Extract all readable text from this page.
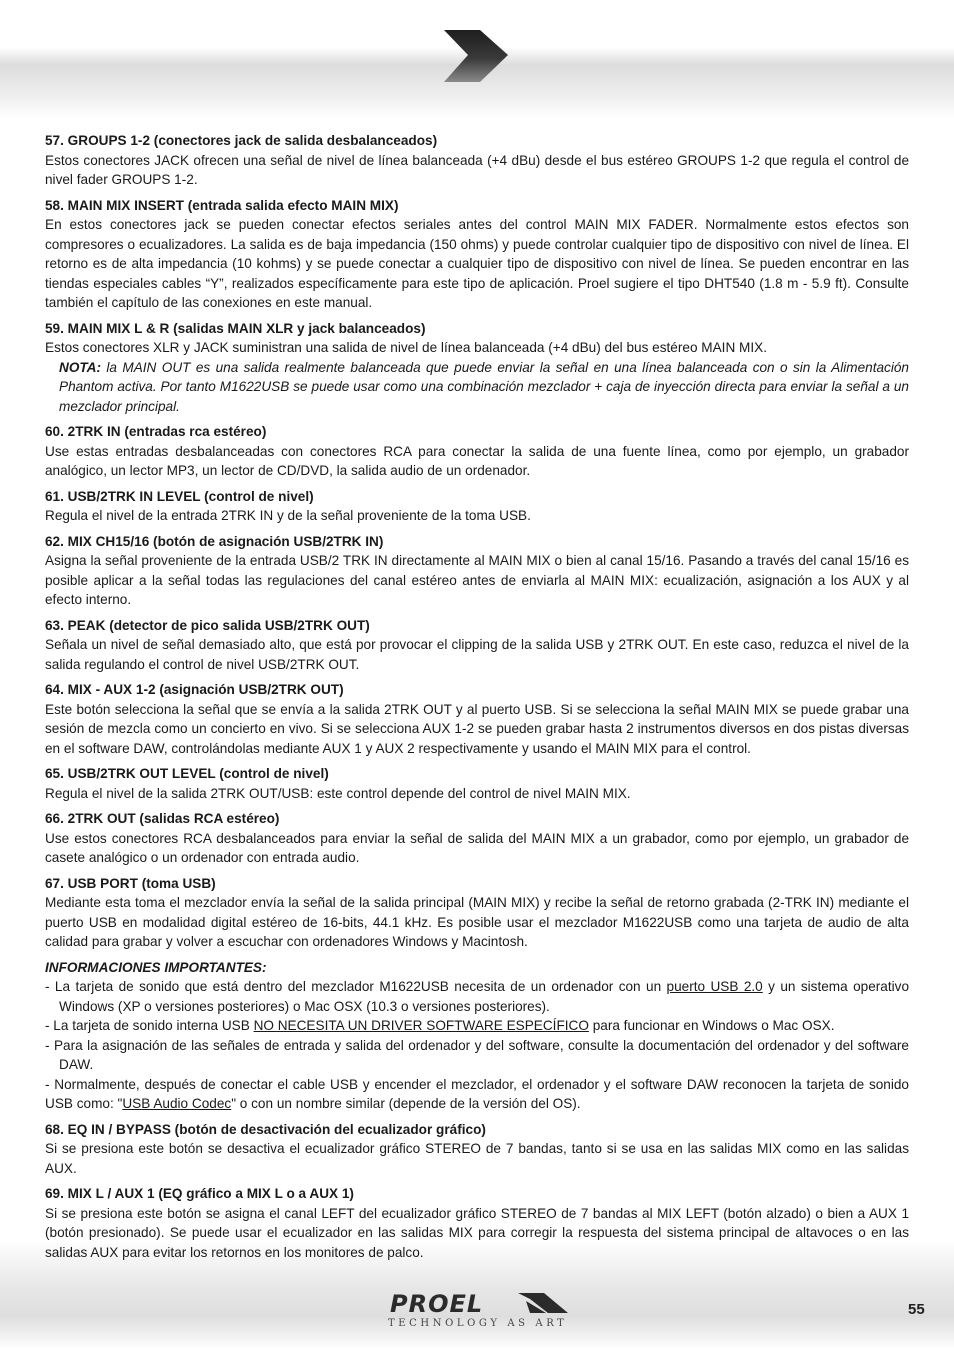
57. GROUPS 1-2 (conectores jack de salida desbalanceados)
Estos conectores JACK ofrecen una señal de nivel de línea balanceada (+4 dBu) desde el bus estéreo GROUPS 1-2 que regula el control de nivel fader GROUPS 1-2.
58. MAIN MIX INSERT (entrada salida efecto MAIN MIX)
En estos conectores jack se pueden conectar efectos seriales antes del control MAIN MIX FADER. Normalmente estos efectos son compresores o ecualizadores. La salida es de baja impedancia (150 ohms) y puede controlar cualquier tipo de dispositivo con nivel de línea. El retorno es de alta impedancia (10 kohms) y se puede conectar a cualquier tipo de dispositivo con nivel de línea. Se pueden encontrar en las tiendas especiales cables “Y”, realizados específicamente para este tipo de aplicación. Proel sugiere el tipo DHT540 (1.8 m - 5.9 ft). Consulte también el capítulo de las conexiones en este manual.
59. MAIN MIX L & R (salidas MAIN XLR y jack balanceados)
Estos conectores XLR y JACK suministran una salida de nivel de línea balanceada (+4 dBu) del bus estéreo MAIN MIX.
NOTA: la MAIN OUT es una salida realmente balanceada que puede enviar la señal en una línea balanceada con o sin la Alimentación Phantom activa. Por tanto M1622USB se puede usar como una combinación mezclador + caja de inyección directa para enviar la señal a un mezclador principal.
60. 2TRK IN (entradas rca estéreo)
Use estas entradas desbalanceadas con conectores RCA para conectar la salida de una fuente línea, como por ejemplo, un grabador analógico, un lector MP3, un lector de CD/DVD, la salida audio de un ordenador.
61. USB/2TRK IN LEVEL (control de nivel)
Regula el nivel de la entrada 2TRK IN y de la señal proveniente de la toma USB.
62. MIX CH15/16 (botón de asignación USB/2TRK IN)
Asigna la señal proveniente de la entrada USB/2 TRK IN directamente al MAIN MIX o bien al canal 15/16. Pasando a través del canal 15/16 es posible aplicar a la señal todas las regulaciones del canal estéreo antes de enviarla al MAIN MIX: ecualización, asignación a los AUX y al efecto interno.
63. PEAK (detector de pico salida USB/2TRK OUT)
Señala un nivel de señal demasiado alto, que está por provocar el clipping de la salida USB y 2TRK OUT. En este caso, reduzca el nivel de la salida regulando el control de nivel USB/2TRK OUT.
64. MIX - AUX 1-2 (asignación USB/2TRK OUT)
Este botón selecciona la señal que se envía a la salida 2TRK OUT y al puerto USB. Si se selecciona la señal MAIN MIX se puede grabar una sesión de mezcla como un concierto en vivo. Si se selecciona AUX 1-2 se pueden grabar hasta 2 instrumentos diversos en dos pistas diversas en el software DAW, controlándolas mediante AUX 1 y AUX 2 respectivamente y usando el MAIN MIX para el control.
65. USB/2TRK OUT LEVEL (control de nivel)
Regula el nivel de la salida 2TRK OUT/USB: este control depende del control de nivel MAIN MIX.
66. 2TRK OUT (salidas RCA estéreo)
Use estos conectores RCA desbalanceados para enviar la señal de salida del MAIN MIX a un grabador, como por ejemplo, un grabador de casete analógico o un ordenador con entrada audio.
67. USB PORT (toma USB)
Mediante esta toma el mezclador envía la señal de la salida principal (MAIN MIX) y recibe la señal de retorno grabada (2-TRK IN) mediante el puerto USB en modalidad digital estéreo de 16-bits, 44.1 kHz. Es posible usar el mezclador M1622USB como una tarjeta de audio de alta calidad para grabar y volver a escuchar con ordenadores Windows y Macintosh.
INFORMACIONES IMPORTANTES:
- La tarjeta de sonido que está dentro del mezclador M1622USB necesita de un ordenador con un puerto USB 2.0 y un sistema operativo Windows (XP o versiones posteriores) o Mac OSX (10.3 o versiones posteriores).
- La tarjeta de sonido interna USB NO NECESITA UN DRIVER SOFTWARE ESPECÍFICO para funcionar en Windows o Mac OSX.
- Para la asignación de las señales de entrada y salida del ordenador y del software, consulte la documentación del ordenador y del software DAW.
- Normalmente, después de conectar el cable USB y encender el mezclador, el ordenador y el software DAW reconocen la tarjeta de sonido USB como: "USB Audio Codec" o con un nombre similar (depende de la versión del OS).
68. EQ IN / BYPASS (botón de desactivación del ecualizador gráfico)
Si se presiona este botón se desactiva el ecualizador gráfico STEREO de 7 bandas, tanto si se usa en las salidas MIX como en las salidas AUX.
69. MIX L / AUX 1 (EQ gráfico a MIX L o a AUX 1)
Si se presiona este botón se asigna el canal LEFT del ecualizador gráfico STEREO de 7 bandas al MIX LEFT (botón alzado) o bien a AUX 1 (botón presionado). Se puede usar el ecualizador en las salidas MIX para corregir la respuesta del sistema principal de altavoces o en las salidas AUX para evitar los retornos en los monitores de palco.
PROEL
TECHNOLOGY AS ART
55
